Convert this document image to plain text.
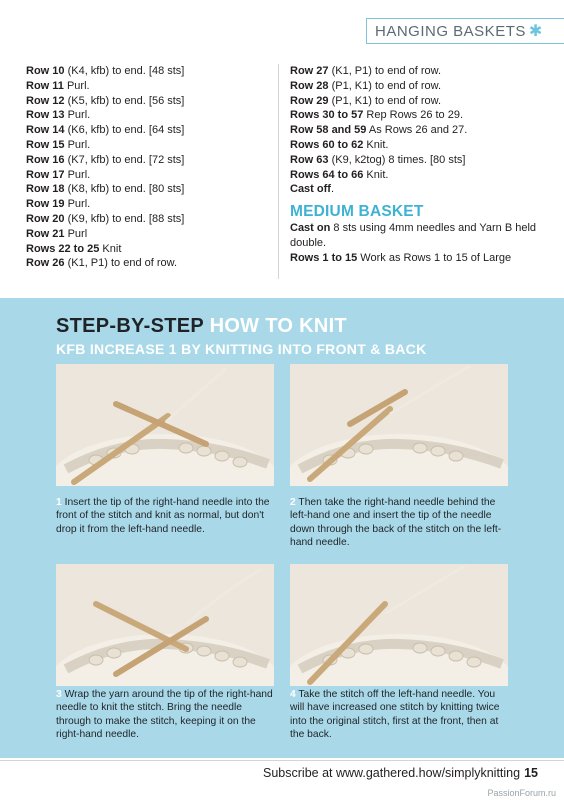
HANGING BASKETS ✱
Row 10 (K4, kfb) to end. [48 sts]
Row 11 Purl.
Row 12 (K5, kfb) to end. [56 sts]
Row 13 Purl.
Row 14 (K6, kfb) to end. [64 sts]
Row 15 Purl.
Row 16 (K7, kfb) to end. [72 sts]
Row 17 Purl.
Row 18 (K8, kfb) to end. [80 sts]
Row 19 Purl.
Row 20 (K9, kfb) to end. [88 sts]
Row 21 Purl
Rows 22 to 25 Knit
Row 26 (K1, P1) to end of row.
Row 27 (K1, P1) to end of row.
Row 28 (P1, K1) to end of row.
Row 29 (P1, K1) to end of row.
Rows 30 to 57 Rep Rows 26 to 29.
Row 58 and 59 As Rows 26 and 27.
Rows 60 to 62 Knit.
Row 63 (K9, k2tog) 8 times. [80 sts]
Rows 64 to 66 Knit.
Cast off.
MEDIUM BASKET
Cast on 8 sts using 4mm needles and Yarn B held double.
Rows 1 to 15 Work as Rows 1 to 15 of Large
STEP-BY-STEP HOW TO KNIT
KFB INCREASE 1 BY KNITTING INTO FRONT & BACK
1 Insert the tip of the right-hand needle into the front of the stitch and knit as normal, but don't drop it from the left-hand needle.
2 Then take the right-hand needle behind the left-hand one and insert the tip of the needle down through the back of the stitch on the left-hand needle.
3 Wrap the yarn around the tip of the right-hand needle to knit the stitch. Bring the needle through to make the stitch, keeping it on the right-hand needle.
4 Take the stitch off the left-hand needle. You will have increased one stitch by knitting twice into the original stitch, first at the front, then at the back.
Subscribe at www.gathered.how/simplyknitting 15
PassionForum.ru
